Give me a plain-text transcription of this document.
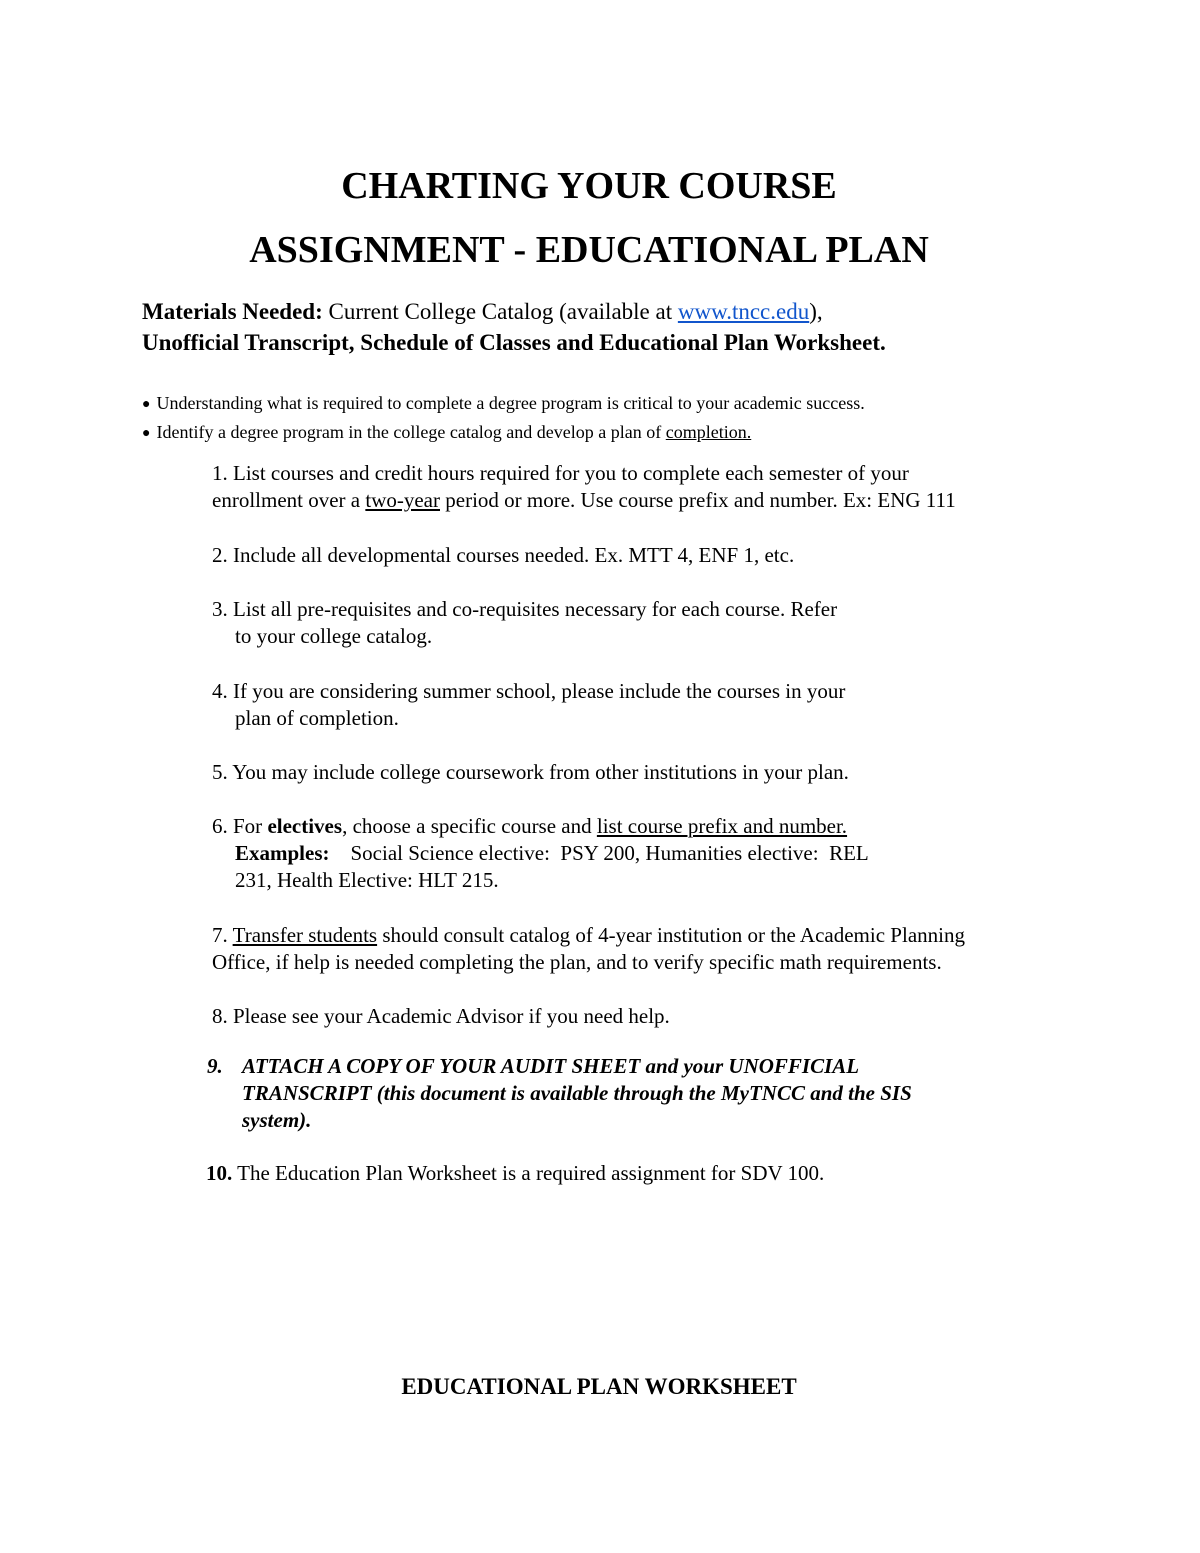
CHARTING YOUR COURSE
ASSIGNMENT - EDUCATIONAL PLAN
Materials Needed: Current College Catalog (available at www.tncc.edu),
Unofficial Transcript, Schedule of Classes and Educational Plan Worksheet.
● Understanding what is required to complete a degree program is critical to your academic success.
● Identify a degree program in the college catalog and develop a plan of completion.
1. List courses and credit hours required for you to complete each semester of your
enrollment over a two-year period or more. Use course prefix and number. Ex: ENG 111
2. Include all developmental courses needed. Ex. MTT 4, ENF 1, etc.
3. List all pre-requisites and co-requisites necessary for each course. Refer
to your college catalog.
4. If you are considering summer school, please include the courses in your
plan of completion.
5. You may include college coursework from other institutions in your plan.
6. For electives, choose a specific course and list course prefix and number.
Examples:    Social Science elective:  PSY 200, Humanities elective:  REL
231, Health Elective: HLT 215.
7. Transfer students should consult catalog of 4-year institution or the Academic Planning
Office, if help is needed completing the plan, and to verify specific math requirements.
8. Please see your Academic Advisor if you need help.
9. ATTACH A COPY OF YOUR AUDIT SHEET and your UNOFFICIAL
TRANSCRIPT (this document is available through the MyTNCC and the SIS
system).
10. The Education Plan Worksheet is a required assignment for SDV 100.
EDUCATIONAL PLAN WORKSHEET
